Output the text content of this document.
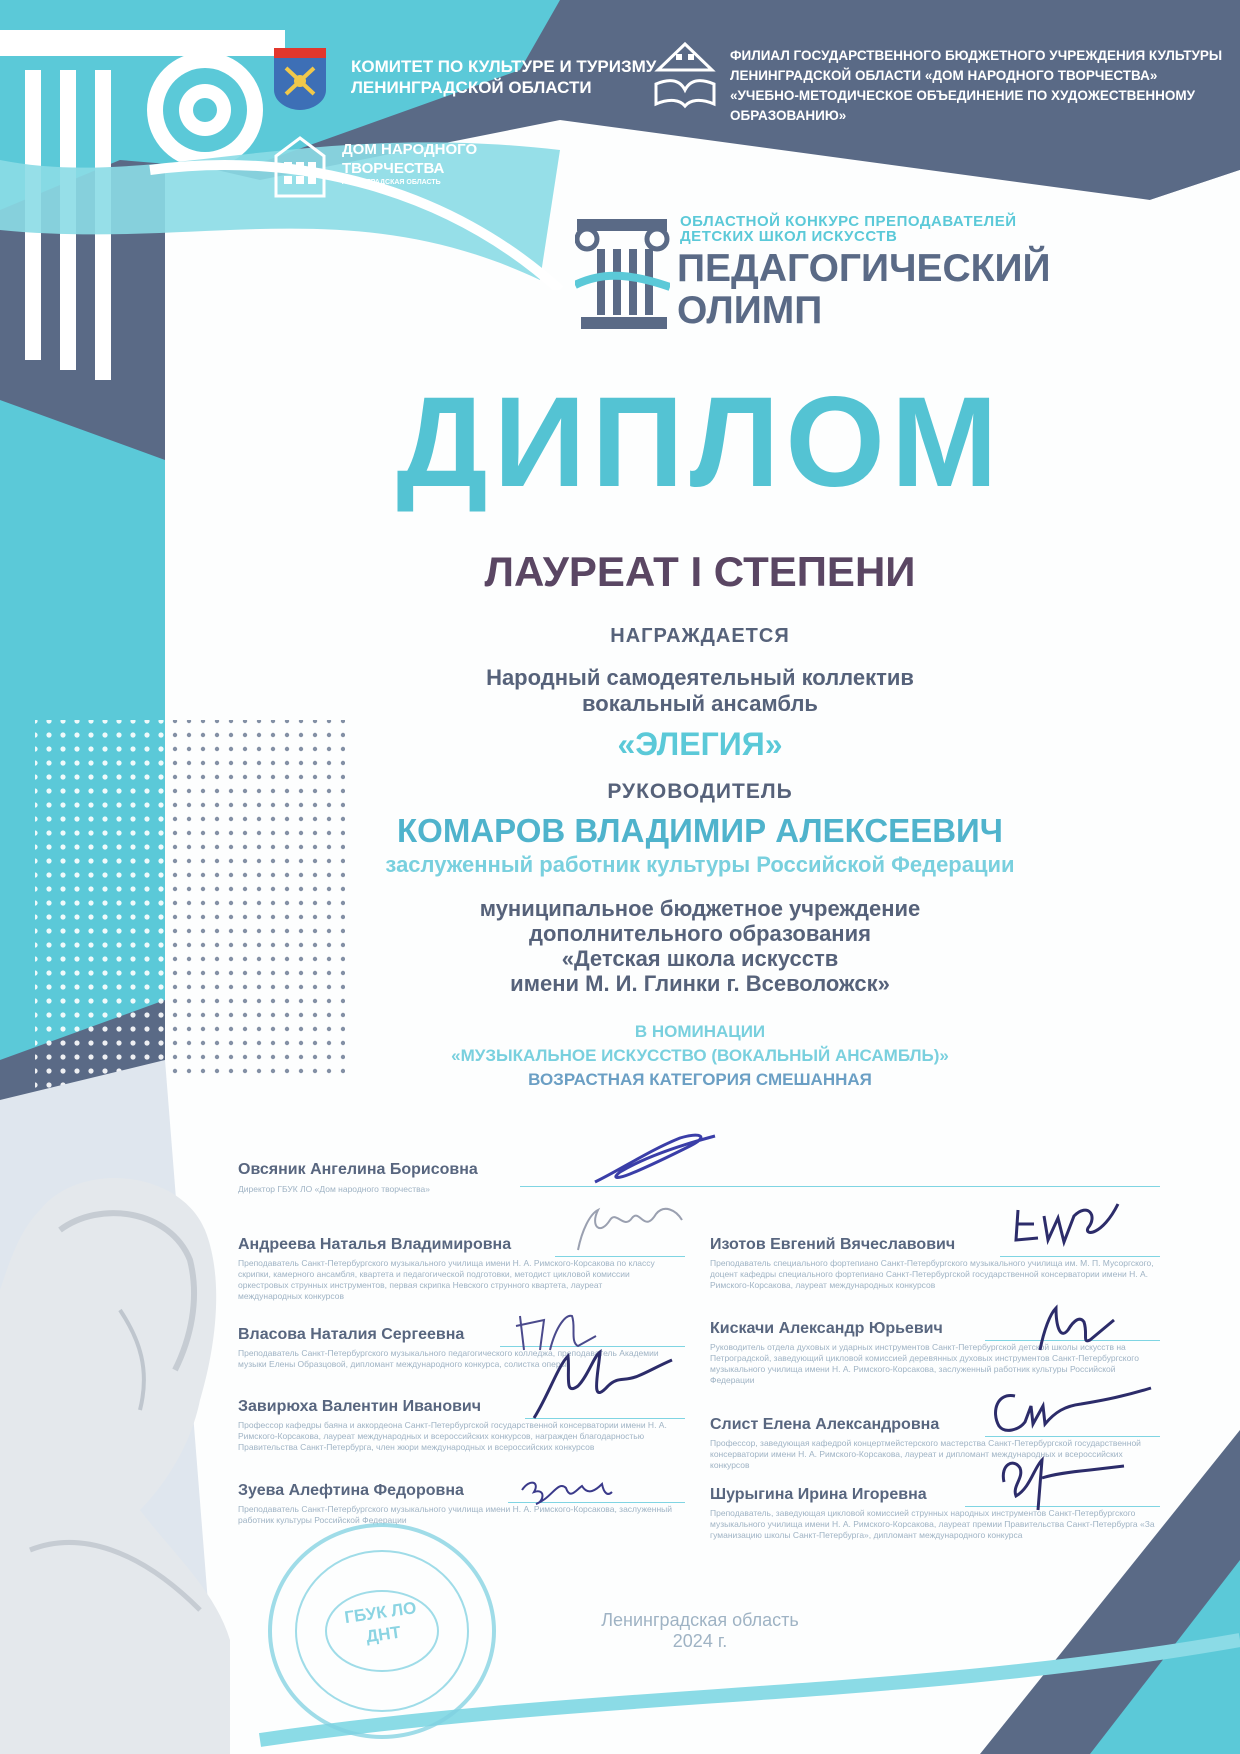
КОМИТЕТ ПО КУЛЬТУРЕ И ТУРИЗМУ
ЛЕНИНГРАДСКОЙ ОБЛАСТИ
ДОМ НАРОДНОГО
ТВОРЧЕСТВА
ЛЕНИНГРАДСКАЯ ОБЛАСТЬ
ФИЛИАЛ ГОСУДАРСТВЕННОГО БЮДЖЕТНОГО УЧРЕЖДЕНИЯ КУЛЬТУРЫ
ЛЕНИНГРАДСКОЙ ОБЛАСТИ «ДОМ НАРОДНОГО ТВОРЧЕСТВА»
«УЧЕБНО-МЕТОДИЧЕСКОЕ ОБЪЕДИНЕНИЕ ПО ХУДОЖЕСТВЕННОМУ ОБРАЗОВАНИЮ»
ОБЛАСТНОЙ КОНКУРС ПРЕПОДАВАТЕЛЕЙ
ДЕТСКИХ ШКОЛ ИСКУССТВ
ПЕДАГОГИЧЕСКИЙ
ОЛИМП
ДИПЛОМ
ЛАУРЕАТ I СТЕПЕНИ
НАГРАЖДАЕТСЯ
Народный самодеятельный коллектив
вокальный ансамбль
«ЭЛЕГИЯ»
РУКОВОДИТЕЛЬ
КОМАРОВ ВЛАДИМИР АЛЕКСЕЕВИЧ
заслуженный работник культуры Российской Федерации
муниципальное бюджетное учреждение
дополнительного образования
«Детская школа искусств
имени М. И. Глинки г. Всеволожск»
В НОМИНАЦИИ
«МУЗЫКАЛЬНОЕ ИСКУССТВО (ВОКАЛЬНЫЙ АНСАМБЛЬ)»
ВОЗРАСТНАЯ КАТЕГОРИЯ СМЕШАННАЯ
Овсяник Ангелина Борисовна
Директор ГБУК ЛО «Дом народного творчества»
Андреева Наталья Владимировна
Преподаватель Санкт-Петербургского музыкального училища имени Н. А. Римского-Корсакова по классу скрипки, камерного ансамбля, квартета и педагогической подготовки, методист цикловой комиссии оркестровых струнных инструментов, первая скрипка Невского струнного квартета, лауреат международных конкурсов
Власова Наталия Сергеевна
Преподаватель Санкт-Петербургского музыкального педагогического колледжа, преподаватель Академии музыки Елены Образцовой, дипломант международного конкурса, солистка оперы
Завирюха Валентин Иванович
Профессор кафедры баяна и аккордеона Санкт-Петербургской государственной консерватории имени Н. А. Римского-Корсакова, лауреат международных и всероссийских конкурсов, награжден благодарностью Правительства Санкт-Петербурга, член жюри международных и всероссийских конкурсов
Зуева Алефтина Федоровна
Преподаватель Санкт-Петербургского музыкального училища имени Н. А. Римского-Корсакова, заслуженный работник культуры Российской Федерации
Изотов Евгений Вячеславович
Преподаватель специального фортепиано Санкт-Петербургского музыкального училища им. М. П. Мусоргского, доцент кафедры специального фортепиано Санкт-Петербургской государственной консерватории имени Н. А. Римского-Корсакова, лауреат международных конкурсов
Кискачи Александр Юрьевич
Руководитель отдела духовых и ударных инструментов Санкт-Петербургской детской школы искусств на Петроградской, заведующий цикловой комиссией деревянных духовых инструментов Санкт-Петербургского музыкального училища имени Н. А. Римского-Корсакова, заслуженный работник культуры Российской Федерации
Слист Елена Александровна
Профессор, заведующая кафедрой концертмейстерского мастерства Санкт-Петербургской государственной консерватории имени Н. А. Римского-Корсакова, лауреат и дипломант международных и всероссийских конкурсов
Шурыгина Ирина Игоревна
Преподаватель, заведующая цикловой комиссией струнных народных инструментов Санкт-Петербургского музыкального училища имени Н. А. Римского-Корсакова, лауреат премии Правительства Санкт-Петербурга «За гуманизацию школы Санкт-Петербурга», дипломант международного конкурса
ГБУК ЛО
ДНТ
Ленинградская область
2024 г.
